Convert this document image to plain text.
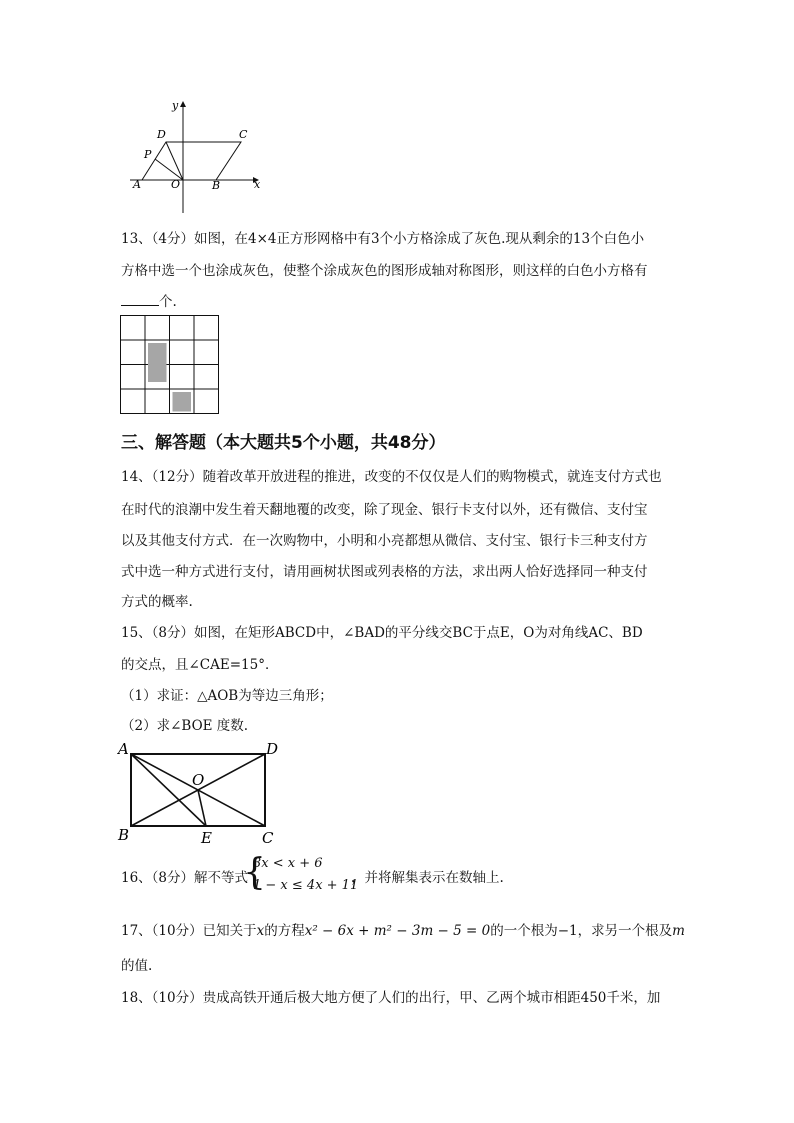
y
x
D	C
P
A	O	B
13、（4分）如图，在4×4正方形网格中有3个小方格涂成了灰色.现从剩余的13个白色小
方格中选一个也涂成灰色，使整个涂成灰色的图形成轴对称图形，则这样的白色小方格有
个.
三、解答题（本大题共5个小题，共48分）
14、（12分）随着改革开放进程的推进，改变的不仅仅是人们的购物模式，就连支付方式也
在时代的浪潮中发生着天翻地覆的改变，除了现金、银行卡支付以外，还有微信、支付宝
以及其他支付方式．在一次购物中，小明和小亮都想从微信、支付宝、银行卡三种支付方
式中选一种方式进行支付，请用画树状图或列表格的方法，求出两人恰好选择同一种支付
方式的概率.
15、（8分）如图，在矩形ABCD中，∠BAD的平分线交BC于点E，O为对角线AC、BD
的交点，且∠CAE=15°．
（1）求证：△AOB为等边三角形；
（2）求∠BOE 度数.
A	D
O
B	E	C
16、（8分）解不等式
{
3x < x + 6
1 − x ≤ 4x + 11
，并将解集表示在数轴上.
17、（10分）已知关于x的方程x² − 6x + m² − 3m − 5 = 0的一个根为−1，求另一个根及m
的值.
18、（10分）贵成高铁开通后极大地方便了人们的出行，甲、乙两个城市相距450千米，加
